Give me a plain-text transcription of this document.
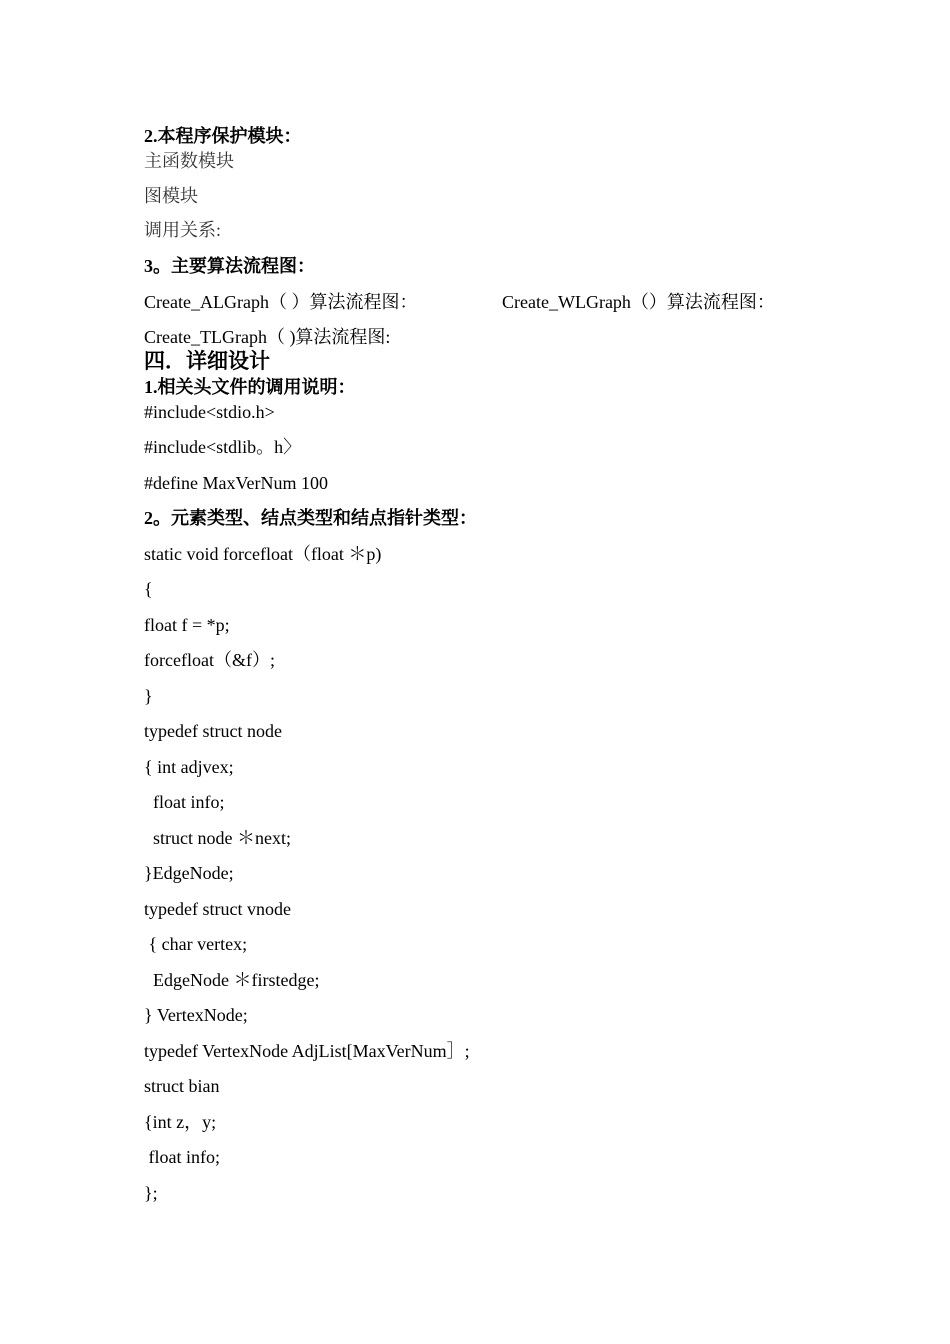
2.本程序保护模块：
主函数模块
图模块
调用关系:
3。主要算法流程图：
Create_ALGraph（ ）算法流程图：	Create_WLGraph（）算法流程图：
Create_TLGraph（ )算法流程图:
四．详细设计
1.相关头文件的调用说明：
#include<stdio.h>
#include<stdlib。h〉
#define MaxVerNum 100
2。元素类型、结点类型和结点指针类型：
static void forcefloat（float ＊p)
{
float f = *p;
forcefloat（&f）;
}
typedef struct node
{ int adjvex;
float info;
struct node ＊next;
}EdgeNode;
typedef struct vnode
{ char vertex;
EdgeNode ＊firstedge;
} VertexNode;
typedef VertexNode AdjList[MaxVerNum］;
struct bian
{int z，y;
float info;
};
